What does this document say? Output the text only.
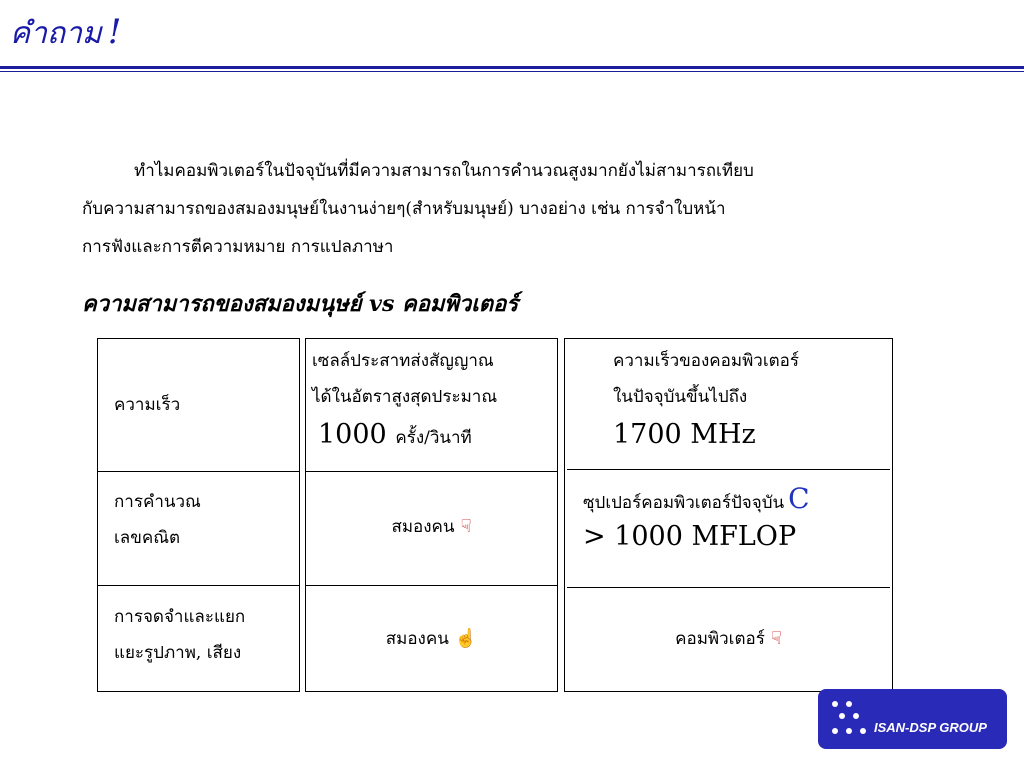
คำถาม !
ทำไมคอมพิวเตอร์ในปัจจุบันที่มีความสามารถในการคำนวณสูงมากยังไม่สามารถเทียบ
กับความสามารถของสมองมนุษย์ในงานง่ายๆ(สำหรับมนุษย์) บางอย่าง เช่น การจำใบหน้า
การฟังและการตีความหมาย การแปลภาษา
ความสามารถของสมองมนุษย์ vs คอมพิวเตอร์
ความเร็ว
การคำนวณ
เลขคณิต
การจดจำและแยก
แยะรูปภาพ, เสียง
เซลล์ประสาทส่งสัญญาณ
ได้ในอัตราสูงสุดประมาณ
1000 ครั้ง/วินาที
สมองคน ☟
สมองคน ☝
ความเร็วของคอมพิวเตอร์
ในปัจจุบันขึ้นไปถึง
1700 MHz
ซุปเปอร์คอมพิวเตอร์ปัจจุบัน C
> 1000 MFLOP
คอมพิวเตอร์ ☟
ISAN-DSP GROUP
